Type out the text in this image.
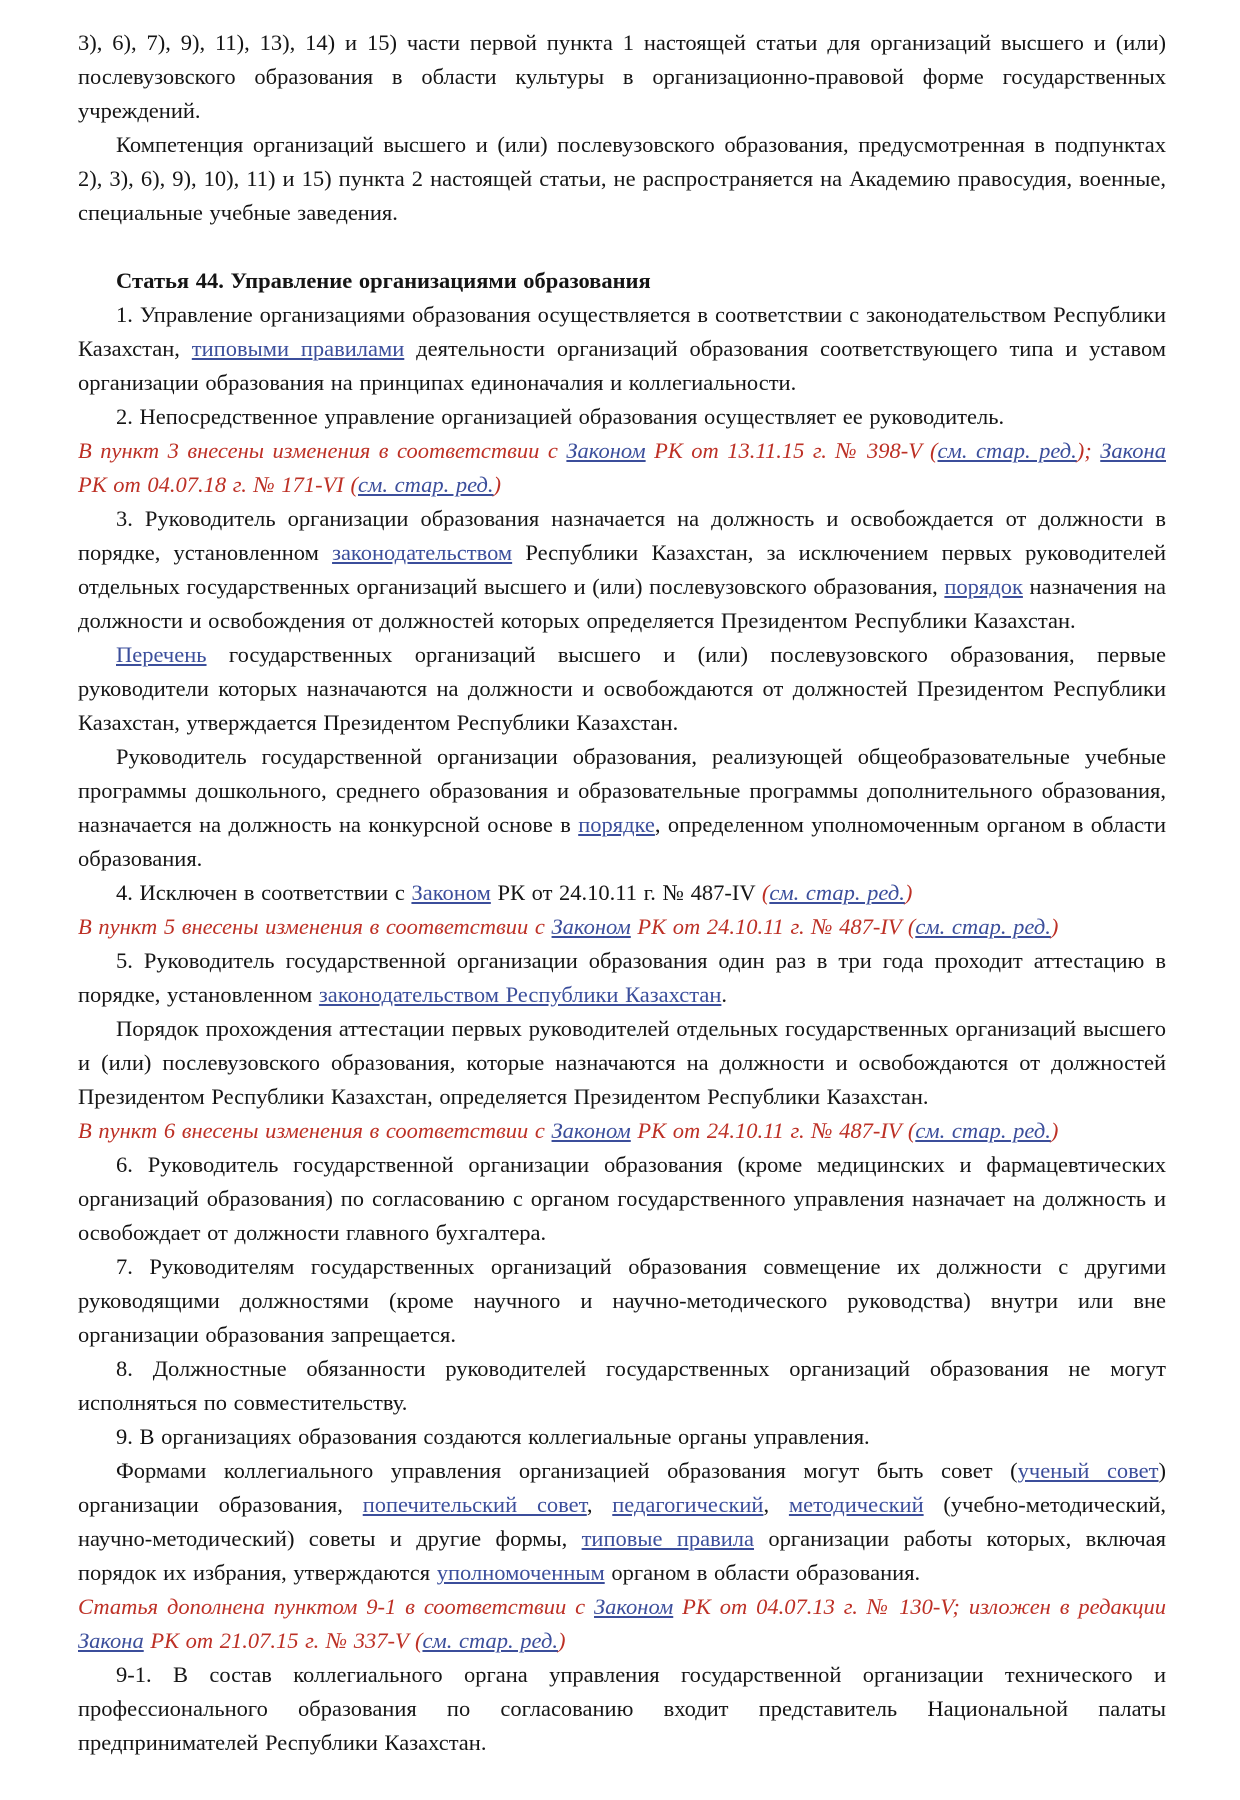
3), 6), 7), 9), 11), 13), 14) и 15) части первой пункта 1 настоящей статьи для организаций высшего и (или) послевузовского образования в области культуры в организационно-правовой форме государственных учреждений.

Компетенция организаций высшего и (или) послевузовского образования, предусмотренная в подпунктах 2), 3), 6), 9), 10), 11) и 15) пункта 2 настоящей статьи, не распространяется на Академию правосудия, военные, специальные учебные заведения.

Статья 44. Управление организациями образования

1. Управление организациями образования осуществляется в соответствии с законодательством Республики Казахстан, типовыми правилами деятельности организаций образования соответствующего типа и уставом организации образования на принципах единоначалия и коллегиальности.

2. Непосредственное управление организацией образования осуществляет ее руководитель.

В пункт 3 внесены изменения в соответствии с Законом РК от 13.11.15 г. № 398-V (см. стар. ред.); Закона РК от 04.07.18 г. № 171-VI (см. стар. ред.)

3. Руководитель организации образования назначается на должность и освобождается от должности в порядке, установленном законодательством Республики Казахстан, за исключением первых руководителей отдельных государственных организаций высшего и (или) послевузовского образования, порядок назначения на должности и освобождения от должностей которых определяется Президентом Республики Казахстан.

Перечень государственных организаций высшего и (или) послевузовского образования, первые руководители которых назначаются на должности и освобождаются от должностей Президентом Республики Казахстан, утверждается Президентом Республики Казахстан.

Руководитель государственной организации образования, реализующей общеобразовательные учебные программы дошкольного, среднего образования и образовательные программы дополнительного образования, назначается на должность на конкурсной основе в порядке, определенном уполномоченным органом в области образования.

4. Исключен в соответствии с Законом РК от 24.10.11 г. № 487-IV (см. стар. ред.)

В пункт 5 внесены изменения в соответствии с Законом РК от 24.10.11 г. № 487-IV (см. стар. ред.)

5. Руководитель государственной организации образования один раз в три года проходит аттестацию в порядке, установленном законодательством Республики Казахстан.

Порядок прохождения аттестации первых руководителей отдельных государственных организаций высшего и (или) послевузовского образования, которые назначаются на должности и освобождаются от должностей Президентом Республики Казахстан, определяется Президентом Республики Казахстан.

В пункт 6 внесены изменения в соответствии с Законом РК от 24.10.11 г. № 487-IV (см. стар. ред.)

6. Руководитель государственной организации образования (кроме медицинских и фармацевтических организаций образования) по согласованию с органом государственного управления назначает на должность и освобождает от должности главного бухгалтера.

7. Руководителям государственных организаций образования совмещение их должности с другими руководящими должностями (кроме научного и научно-методического руководства) внутри или вне организации образования запрещается.

8. Должностные обязанности руководителей государственных организаций образования не могут исполняться по совместительству.

9. В организациях образования создаются коллегиальные органы управления.

Формами коллегиального управления организацией образования могут быть совет (ученый совет) организации образования, попечительский совет, педагогический, методический (учебно-методический, научно-методический) советы и другие формы, типовые правила организации работы которых, включая порядок их избрания, утверждаются уполномоченным органом в области образования.

Статья дополнена пунктом 9-1 в соответствии с Законом РК от 04.07.13 г. № 130-V; изложен в редакции Закона РК от 21.07.15 г. № 337-V (см. стар. ред.)

9-1. В состав коллегиального органа управления государственной организации технического и профессионального образования по согласованию входит представитель Национальной палаты предпринимателей Республики Казахстан.
